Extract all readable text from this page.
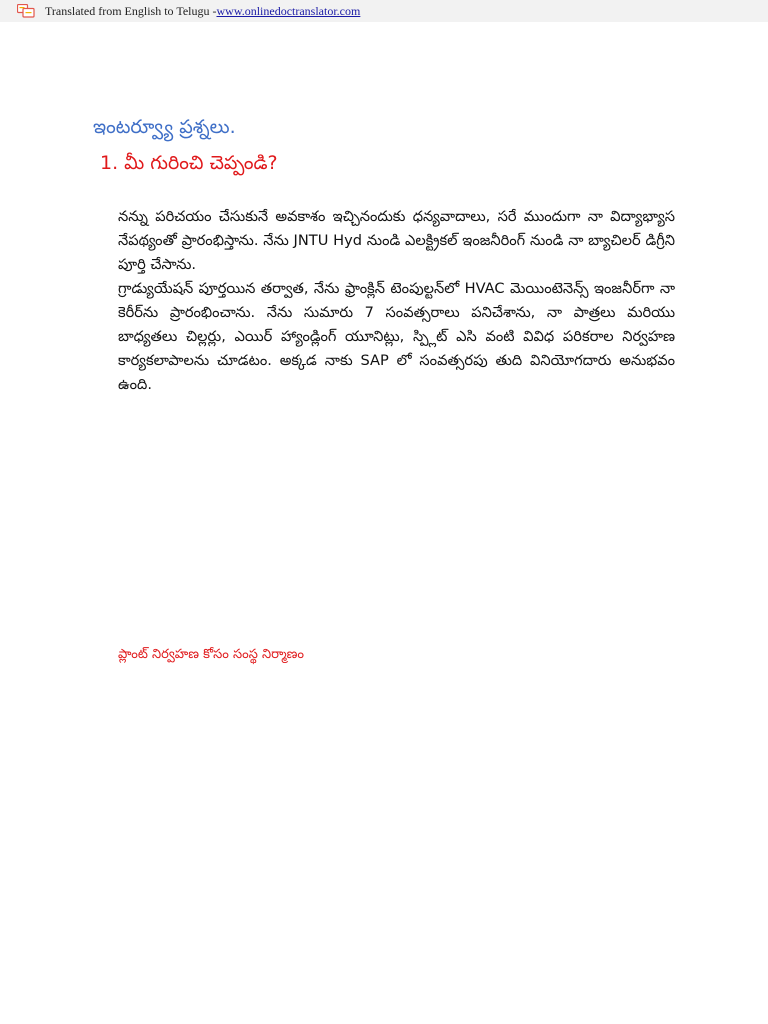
Translated from English to Telugu - www.onlinedoctranslator.com
ఇంటర్వ్యూ ప్రశ్నలు.
1. మీ గురించి చెప్పండి?

నన్ను పరిచయం చేసుకునే అవకాశం ఇచ్చినందుకు ధన్యవాదాలు, సరే ముందుగా నా విద్యాభ్యాస నేపథ్యంతో ప్రారంభిస్తాను. నేను JNTU Hyd నుండి ఎలక్ట్రికల్ ఇంజనీరింగ్ నుండి నా బ్యాచిలర్ డిగ్రీని పూర్తి చేసాను.

గ్రాడ్యుయేషన్ పూర్తయిన తర్వాత, నేను ఫ్రాంక్లిన్ టెంపుల్టన్‌లో HVAC మెయింటెనెన్స్ ఇంజనీర్‌గా నా కెరీర్‌ను ప్రారంభించాను. నేను సుమారు 7 సంవత్సరాలు పనిచేశాను, నా పాత్రలు మరియు బాధ్యతలు చిల్లర్లు, ఎయిర్ హ్యాండ్లింగ్ యూనిట్లు, స్ప్లిట్ ఎసి వంటి వివిధ పరికరాల నిర్వహణ కార్యకలాపాలను చూడటం. అక్కడ నాకు SAP లో సంవత్సరపు తుది వినియోగదారు అనుభవం ఉంది.

ప్లాంట్ నిర్వహణ కోసం సంస్థ నిర్మాణం
